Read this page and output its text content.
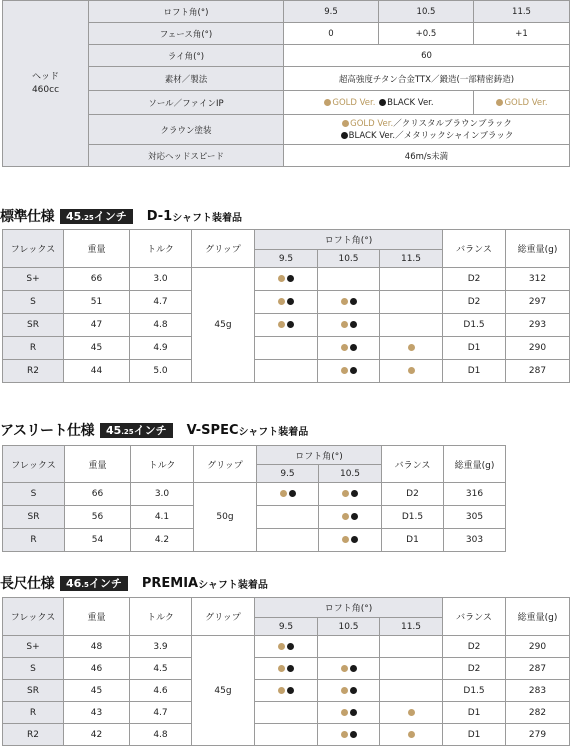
ヘッド
460cc	ロフト角(°)	9.5	10.5	11.5
	フェース角(°)	0	+0.5	+1
	ライ角(°)	60		
	素材／製法	超高強度チタン合金TTX／鍛造(一部精密鋳造)		
	ソール／ファインIP	GOLD Ver. BLACK Ver.		GOLD Ver.
	クラウン塗装	GOLD Ver.／クリスタルブラウンブラック
BLACK Ver.／メタリックシャインブラック		
	対応ヘッドスピード	46m/s未満		
標準仕様	45.25インチ	D-1 シャフト装着品
フレックス	重量	トルク	グリップ	ロフト角(°)			バランス	総重量(g)
				9.5	10.5	11.5		
S+	66	3.0	45g				D2	312
S	51	4.7					D2	297
SR	47	4.8					D1.5	293
R	45	4.9					D1	290
R2	44	5.0					D1	287
アスリート仕様	45.25インチ	V-SPEC シャフト装着品
フレックス	重量	トルク	グリップ	ロフト角(°)		バランス	総重量(g)
				9.5	10.5		
S	66	3.0	50g			D2	316
SR	56	4.1				D1.5	305
R	54	4.2				D1	303
長尺仕様	46.5インチ	PREMIA シャフト装着品
フレックス	重量	トルク	グリップ	ロフト角(°)			バランス	総重量(g)
				9.5	10.5	11.5		
S+	48	3.9	45g				D2	290
S	46	4.5					D2	287
SR	45	4.6					D1.5	283
R	43	4.7					D1	282
R2	42	4.8					D1	279
